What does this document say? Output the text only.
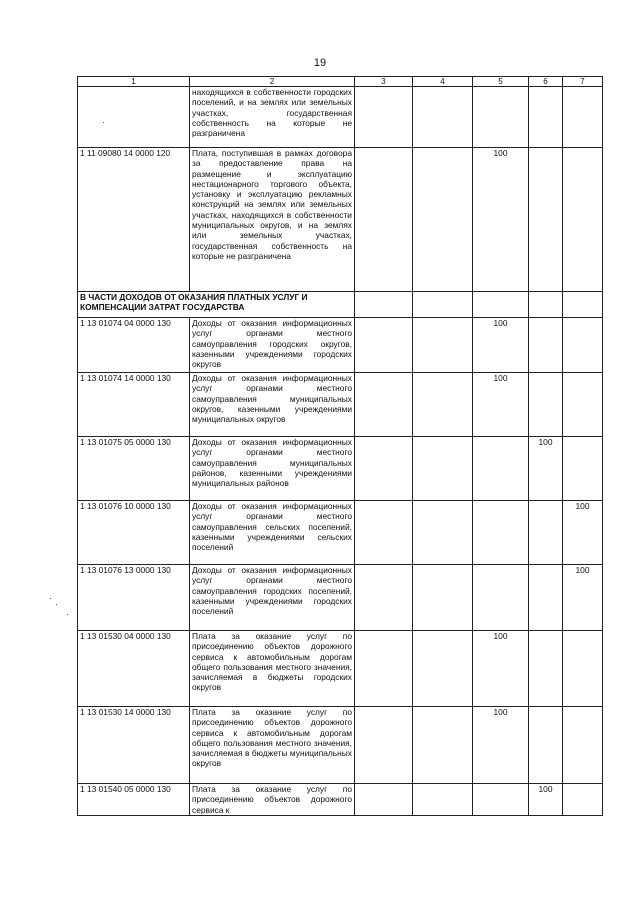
19
1	2	3	4	5	6	7
	находящихся в собственности городских поселений, и на землях или земельных участках, государственная собственность на которые не разграничена					
1 11 09080 14 0000 120	Плата, поступившая в рамках договора за предоставление права на размещение и эксплуатацию нестационарного торгового объекта, установку и эксплуатацию рекламных конструкций на землях или земельных участках, находящихся в собственности муниципальных округов, и на землях или земельных участках, государственная собственность на которые не разграничена			100		
В ЧАСТИ ДОХОДОВ ОТ ОКАЗАНИЯ ПЛАТНЫХ УСЛУГ И КОМПЕНСАЦИИ ЗАТРАТ ГОСУДАРСТВА						
1 13 01074 04 0000 130	Доходы от оказания информационных услуг органами местного самоуправления городских округов, казенными учреждениями городских округов			100		
1 13 01074 14 0000 130	Доходы от оказания информационных услуг органами местного самоуправления муниципальных округов, казенными учреждениями муниципальных округов			100		
1 13 01075 05 0000 130	Доходы от оказания информационных услуг органами местного самоуправления муниципальных районов, казенными учреждениями муниципальных районов				100	
1 13 01076 10 0000 130	Доходы от оказания информационных услуг органами местного самоуправления сельских поселений, казенными учреждениями сельских поселений					100
1 13 01076 13 0000 130	Доходы от оказания информационных услуг органами местного самоуправления городских поселений, казенными учреждениями городских поселений					100
1 13 01530 04 0000 130	Плата за оказание услуг по присоединению объектов дорожного сервиса к автомобильным дорогам общего пользования местного значения, зачисляемая в бюджеты городских округов			100		
1 13 01530 14 0000 130	Плата за оказание услуг по присоединению объектов дорожного сервиса к автомобильным дорогам общего пользования местного значения, зачисляемая в бюджеты муниципальных округов			100		
1 13 01540 05 0000 130	Плата за оказание услуг по присоединению объектов дорожного сервиса к				100	
